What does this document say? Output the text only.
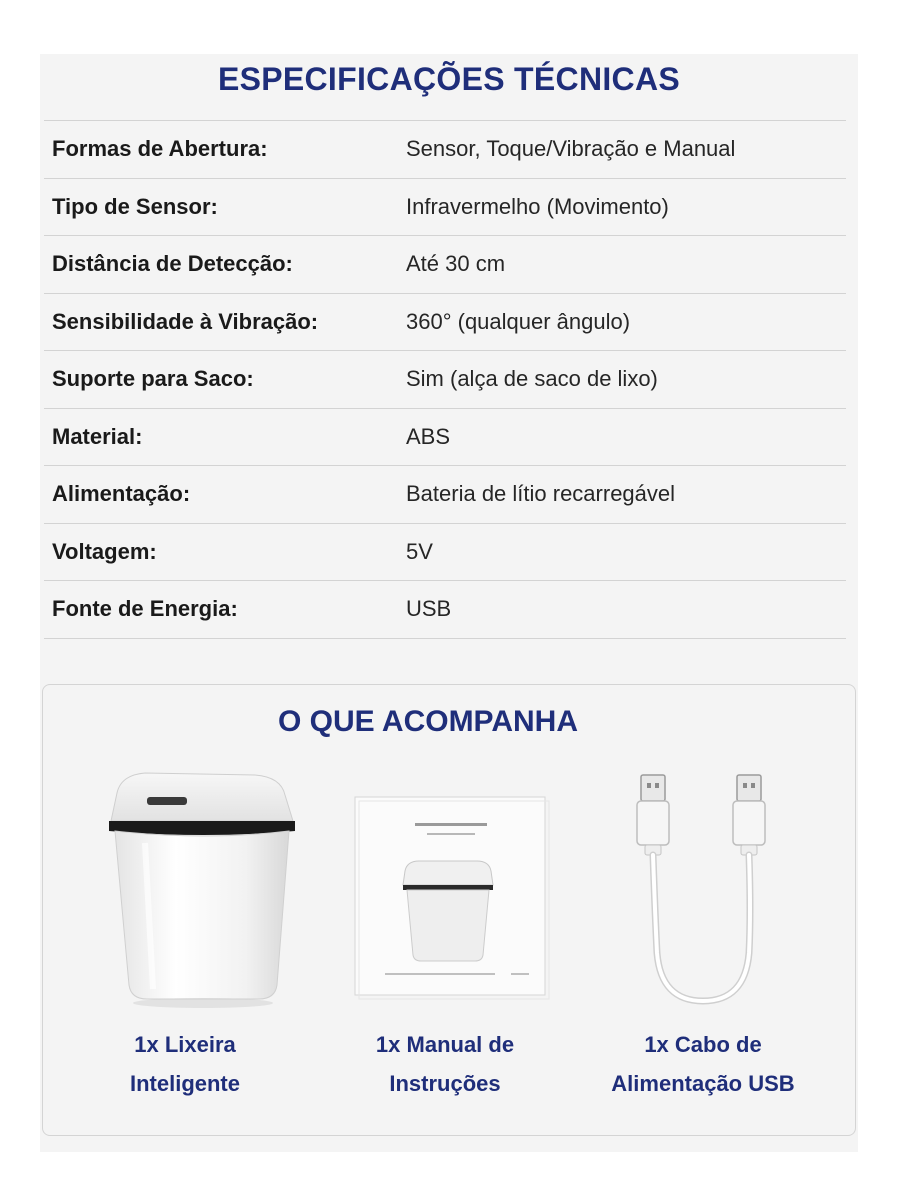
ESPECIFICAÇÕES TÉCNICAS
Formas de Abertura:	Sensor, Toque/Vibração e Manual
Tipo de Sensor:	Infravermelho (Movimento)
Distância de Detecção:	Até 30 cm
Sensibilidade à Vibração:	360° (qualquer ângulo)
Suporte para Saco:	Sim (alça de saco de lixo)
Material:	ABS
Alimentação:	Bateria de lítio recarregável
Voltagem:	5V
Fonte de Energia:	USB
O QUE ACOMPANHA
1x Lixeira
Inteligente
1x Manual de
Instruções
1x Cabo de
Alimentação USB
